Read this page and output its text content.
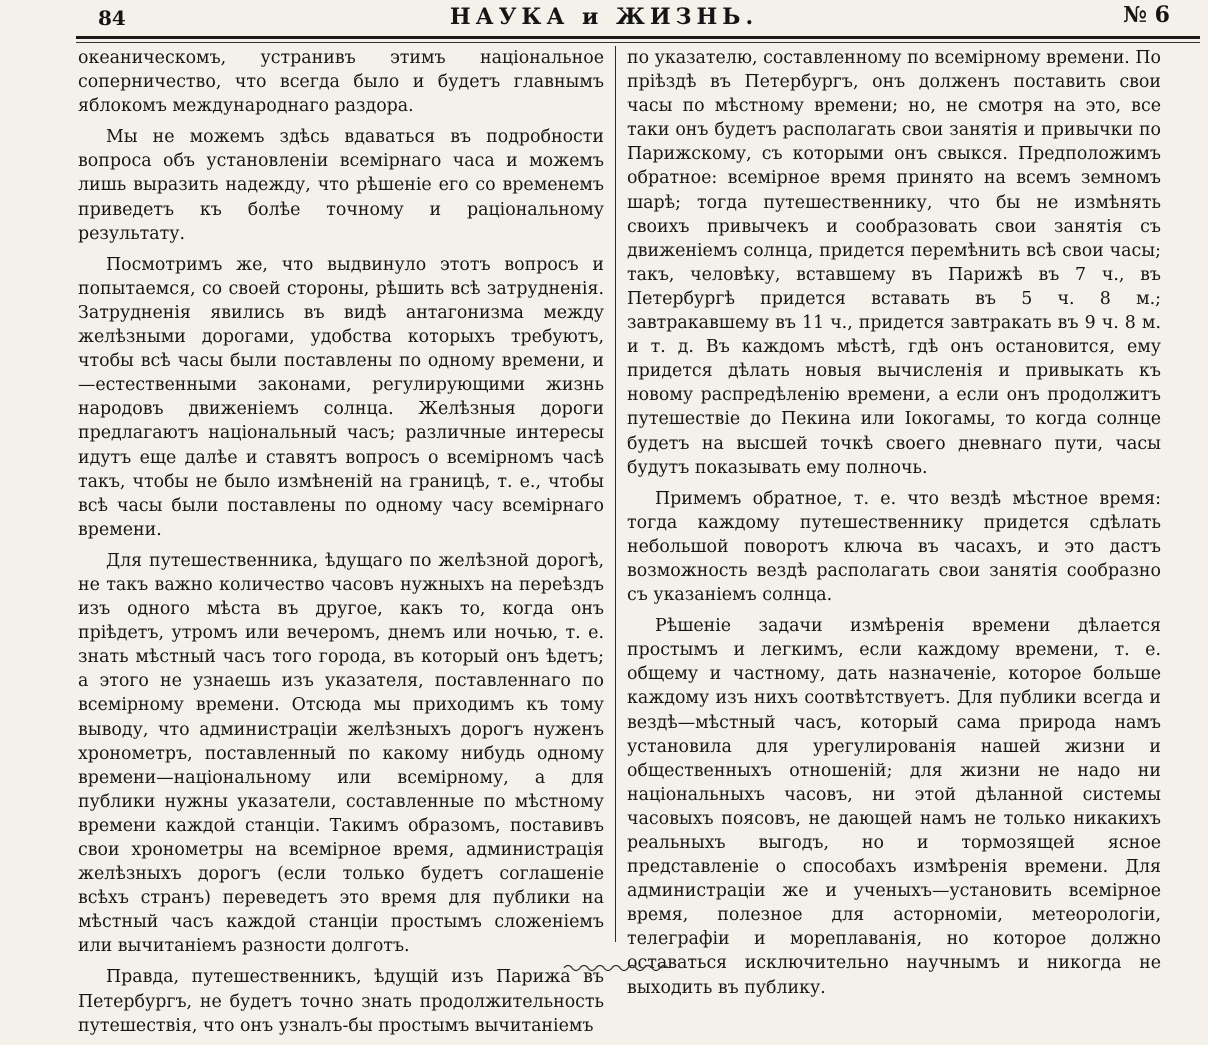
84	НАУКА и ЖИЗНЬ.	№ 6

океаническомъ, устранивъ этимъ національное соперничество, что всегда было и будетъ главнымъ яблокомъ международнаго раздора.

Мы не можемъ здѣсь вдаваться въ подробности вопроса объ установленіи всемірнаго часа и можемъ лишь выразить надежду, что рѣшеніе его со временемъ приведетъ къ болѣе точному и раціональному результату.

Посмотримъ же, что выдвинуло этотъ вопросъ и попытаемся, со своей стороны, рѣшить всѣ затрудненія. Затрудненія явились въ видѣ антагонизма между желѣзными дорогами, удобства которыхъ требуютъ, чтобы всѣ часы были поставлены по одному времени, и—естественными законами, регулирующими жизнь народовъ движеніемъ солнца. Желѣзныя дороги предлагаютъ національный часъ; различные интересы идутъ еще далѣе и ставятъ вопросъ о всемірномъ часѣ такъ, чтобы не было измѣненій на границѣ, т. е., чтобы всѣ часы были поставлены по одному часу всемірнаго времени.

Для путешественника, ѣдущаго по желѣзной дорогѣ, не такъ важно количество часовъ нужныхъ на переѣздъ изъ одного мѣста въ другое, какъ то, когда онъ пріѣдетъ, утромъ или вечеромъ, днемъ или ночью, т. е. знать мѣстный часъ того города, въ который онъ ѣдетъ; а этого не узнаешь изъ указателя, поставленнаго по всемірному времени. Отсюда мы приходимъ къ тому выводу, что администраціи желѣзныхъ дорогъ нуженъ хронометръ, поставленный по какому нибудь одному времени—національному или всемірному, а для публики нужны указатели, составленные по мѣстному времени каждой станціи. Такимъ образомъ, поставивъ свои хронометры на всемірное время, администрація желѣзныхъ дорогъ (если только будетъ соглашеніе всѣхъ странъ) переведетъ это время для публики на мѣстный часъ каждой станціи простымъ сложеніемъ или вычитаніемъ разности долготъ.

Правда, путешественникъ, ѣдущій изъ Парижа въ Петербургъ, не будетъ точно знать продолжительность путешествія, что онъ узналъ-бы простымъ вычитаніемъ

по указателю, составленному по всемірному времени. По пріѣздѣ въ Петербургъ, онъ долженъ поставить свои часы по мѣстному времени; но, не смотря на это, все таки онъ будетъ располагать свои занятія и привычки по Парижскому, съ которыми онъ свыкся. Предположимъ обратное: всемірное время принято на всемъ земномъ шарѣ; тогда путешественнику, что бы не измѣнять своихъ привычекъ и сообразовать свои занятія съ движеніемъ солнца, придется перемѣнить всѣ свои часы; такъ, человѣку, вставшему въ Парижѣ въ 7 ч., въ Петербургѣ придется вставать въ 5 ч. 8 м.; завтракавшему въ 11 ч., придется завтракать въ 9 ч. 8 м. и т. д. Въ каждомъ мѣстѣ, гдѣ онъ остановится, ему придется дѣлать новыя вычисленія и привыкать къ новому распредѣленію времени, а если онъ продолжитъ путешествіе до Пекина или Іокогамы, то когда солнце будетъ на высшей точкѣ своего дневнаго пути, часы будутъ показывать ему полночь.

Примемъ обратное, т. е. что вездѣ мѣстное время: тогда каждому путешественнику придется сдѣлать небольшой поворотъ ключа въ часахъ, и это дастъ возможность вездѣ располагать свои занятія сообразно съ указаніемъ солнца.

Рѣшеніе задачи измѣренія времени дѣлается простымъ и легкимъ, если каждому времени, т. е. общему и частному, дать назначеніе, которое больше каждому изъ нихъ соотвѣтствуетъ. Для публики всегда и вездѣ—мѣстный часъ, который сама природа намъ установила для урегулированія нашей жизни и общественныхъ отношеній; для жизни не надо ни національныхъ часовъ, ни этой дѣланной системы часовыхъ поясовъ, не дающей намъ не только никакихъ реальныхъ выгодъ, но и тормозящей ясное представленіе о способахъ измѣренія времени. Для администраціи же и ученыхъ—установить всемірное время, полезное для асторномiи, метеорологіи, телеграфіи и мореплаванія, но которое должно оставаться исключительно научнымъ и никогда не выходить въ публику.
